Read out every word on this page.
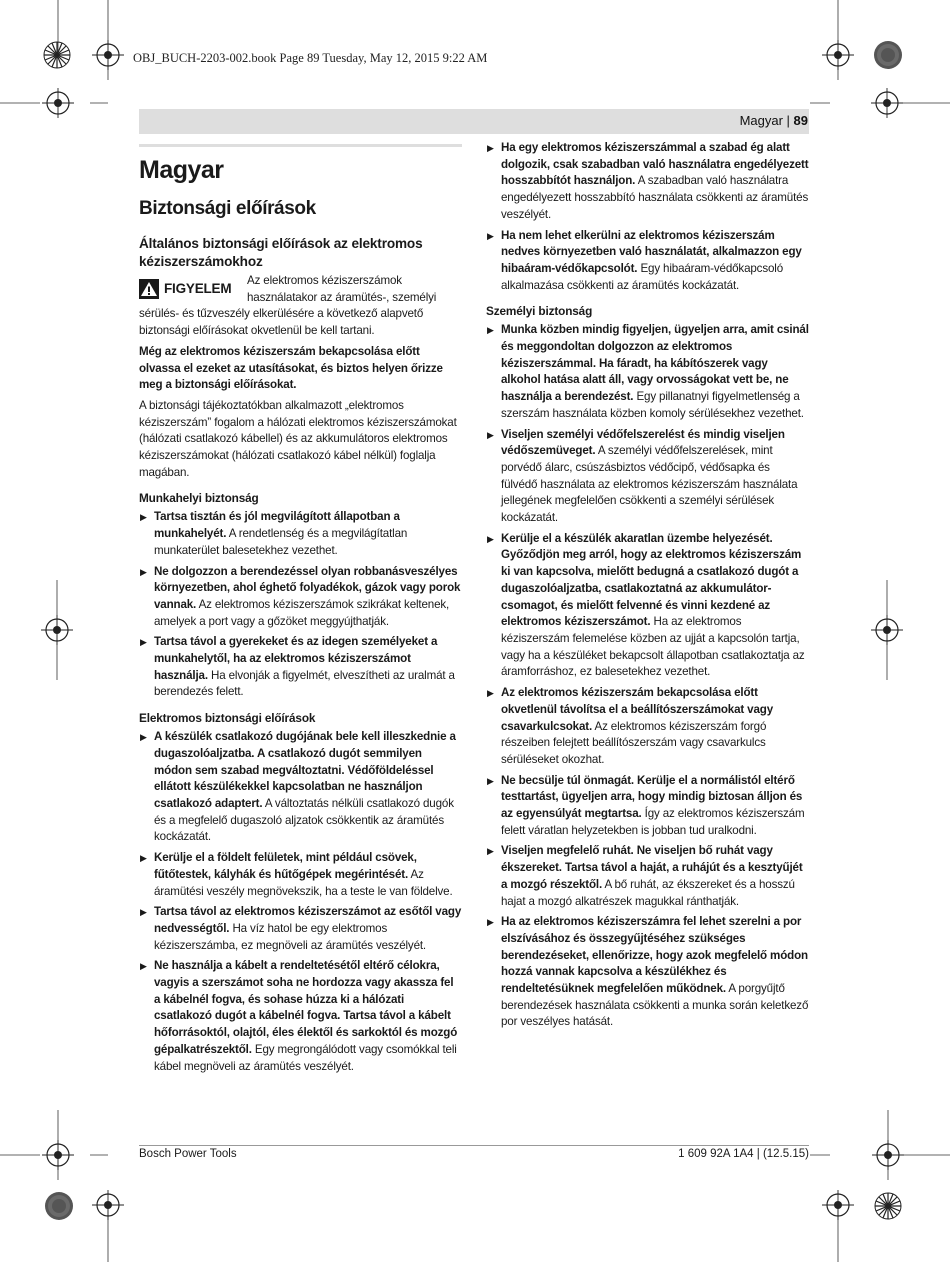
OBJ_BUCH-2203-002.book Page 89 Tuesday, May 12, 2015 9:22 AM
Magyar | 89
Magyar
Biztonsági előírások
Általános biztonsági előírások az elektromos kéziszerszámokhoz
FIGYELEM

Az elektromos kéziszerszámok használatakor az áramütés-, személyi sérülés- és tűzveszély elkerülésére a következő alapvető biztonsági előírásokat okvetlenül be kell tartani.

Még az elektromos kéziszerszám bekapcsolása előtt olvassa el ezeket az utasításokat, és biztos helyen őrizze meg a biztonsági előírásokat.

A biztonsági tájékoztatókban alkalmazott „elektromos kéziszerszám” fogalom a hálózati elektromos kéziszerszámokat (hálózati csatlakozó kábellel) és az akkumulátoros elektromos kéziszerszámokat (hálózati csatlakozó kábel nélkül) foglalja magában.

Munkahelyi biztonság
▶ Tartsa tisztán és jól megvilágított állapotban a munkahelyét. A rendetlenség és a megvilágítatlan munkaterület balesetekhez vezethet.
▶ Ne dolgozzon a berendezéssel olyan robbanásveszélyes környezetben, ahol éghető folyadékok, gázok vagy porok vannak. Az elektromos kéziszerszámok szikrákat keltenek, amelyek a port vagy a gőzöket meggyújthatják.
▶ Tartsa távol a gyerekeket és az idegen személyeket a munkahelytől, ha az elektromos kéziszerszámot használja. Ha elvonják a figyelmét, elveszítheti az uralmát a berendezés felett.
Elektromos biztonsági előírások
▶ A készülék csatlakozó dugójának bele kell illeszkednie a dugaszolóaljzatba. A csatlakozó dugót semmilyen módon sem szabad megváltoztatni. Védőföldeléssel ellátott készülékekkel kapcsolatban ne használjon csatlakozó adaptert. A változtatás nélküli csatlakozó dugók és a megfelelő dugaszoló aljzatok csökkentik az áramütés kockázatát.
▶ Kerülje el a földelt felületek, mint például csövek, fűtőtestek, kályhák és hűtőgépek megérintését. Az áramütési veszély megnövekszik, ha a teste le van földelve.
▶ Tartsa távol az elektromos kéziszerszámot az esőtől vagy nedvességtől. Ha víz hatol be egy elektromos kéziszerszámba, ez megnöveli az áramütés veszélyét.
▶ Ne használja a kábelt a rendeltetésétől eltérő célokra, vagyis a szerszámot soha ne hordozza vagy akassza fel a kábelnél fogva, és sohase húzza ki a hálózati csatlakozó dugót a kábelnél fogva. Tartsa távol a kábelt hőforrásoktól, olajtól, éles élektől és sarkoktól és mozgó gépalkatrészektől. Egy megrongálódott vagy csomókkal teli kábel megnöveli az áramütés veszélyét.
▶ Ha egy elektromos kéziszerszámmal a szabad ég alatt dolgozik, csak szabadban való használatra engedélyezett hosszabbítót használjon. A szabadban való használatra engedélyezett hosszabbító használata csökkenti az áramütés veszélyét.
▶ Ha nem lehet elkerülni az elektromos kéziszerszám nedves környezetben való használatát, alkalmazzon egy hibaáram-védőkapcsolót. Egy hibaáram-védőkapcsoló alkalmazása csökkenti az áramütés kockázatát.
Személyi biztonság
▶ Munka közben mindig figyeljen, ügyeljen arra, amit csinál és meggondoltan dolgozzon az elektromos kéziszerszámmal. Ha fáradt, ha kábítószerek vagy alkohol hatása alatt áll, vagy orvosságokat vett be, ne használja a berendezést. Egy pillanatnyi figyelmetlenség a szerszám használata közben komoly sérülésekhez vezethet.
▶ Viseljen személyi védőfelszerelést és mindig viseljen védőszemüveget. A személyi védőfelszerelések, mint porvédő álarc, csúszásbiztos védőcipő, védősapka és fülvédő használata az elektromos kéziszerszám használata jellegének megfelelően csökkenti a személyi sérülések kockázatát.
▶ Kerülje el a készülék akaratlan üzembe helyezését. Győződjön meg arról, hogy az elektromos kéziszerszám ki van kapcsolva, mielőtt bedugná a csatlakozó dugót a dugaszolóaljzatba, csatlakoztatná az akkumulátor-csomagot, és mielőtt felvenné és vinni kezdené az elektromos kéziszerszámot. Ha az elektromos kéziszerszám felemelése közben az ujját a kapcsolón tartja, vagy ha a készüléket bekapcsolt állapotban csatlakoztatja az áramforráshoz, ez balesetekhez vezethet.
▶ Az elektromos kéziszerszám bekapcsolása előtt okvetlenül távolítsa el a beállítószerszámokat vagy csavarkulcsokat. Az elektromos kéziszerszám forgó részeiben felejtett beállítószerszám vagy csavarkulcs sérüléseket okozhat.
▶ Ne becsülje túl önmagát. Kerülje el a normálistól eltérő testtartást, ügyeljen arra, hogy mindig biztosan álljon és az egyensúlyát megtartsa. Így az elektromos kéziszerszám felett váratlan helyzetekben is jobban tud uralkodni.
▶ Viseljen megfelelő ruhát. Ne viseljen bő ruhát vagy ékszereket. Tartsa távol a haját, a ruhájút és a kesztyűjét a mozgó részektől. A bő ruhát, az ékszereket és a hosszú hajat a mozgó alkatrészek magukkal ránthatják.
▶ Ha az elektromos kéziszerszámra fel lehet szerelni a por elszívásához és összegyűjtéséhez szükséges berendezéseket, ellenőrizze, hogy azok megfelelő módon hozzá vannak kapcsolva a készülékhez és rendeltetésüknek megfelelően működnek. A porgyűjtő berendezések használata csökkenti a munka során keletkező por veszélyes hatását.
Bosch Power Tools	1 609 92A 1A4 | (12.5.15)
